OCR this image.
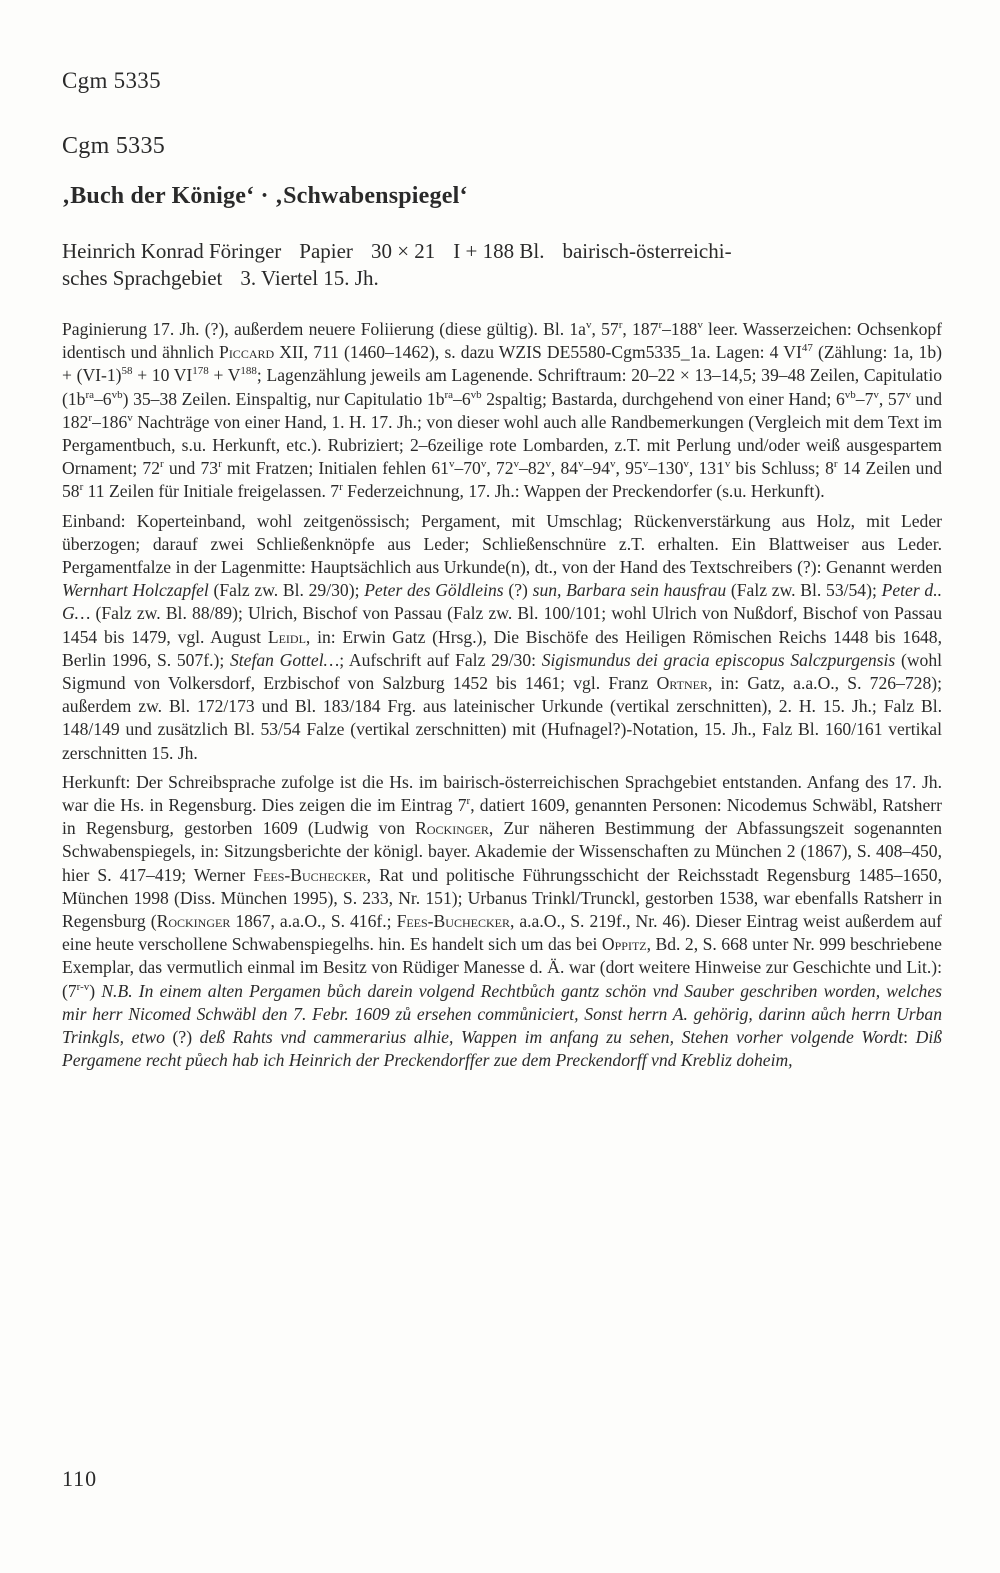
Cgm 5335
Cgm 5335
‚Buch der Könige‘ · ‚Schwabenspiegel‘
Heinrich Konrad Föringer Papier 30 × 21 I + 188 Bl. bairisch-österreichi-
sches Sprachgebiet 3. Viertel 15. Jh.

Paginierung 17. Jh. (?), außerdem neuere Foliierung (diese gültig). Bl. $1a^v$, 57$^r$, 187$^r$–188$^v$ leer. Wasserzeichen: Ochsenkopf identisch und ähnlich Piccard XII, 711 (1460–1462), s. dazu WZIS DE5580-Cgm5335_1a. Lagen: 4 VI$^{47}$ (Zählung: 1a, $1b) + (VI-1)^{58} + 10$ $VI^{178} + V^{188}$; Lagenzählung jeweils am Lagenende. Schriftraum: 20–22 × 13–14,5; 39–48 Zeilen, Capitulatio $(1b^{ra}-6^{vb})$ 35–38 Zeilen. Einspaltig, nur Capitulatio $1b^{ra}-6^{vb}$ 2spaltig; Bastarda, durchgehend von einer Hand; $6^{vb}-7^v$, 57$^v$ und 182$^r$–186$^v$ Nachträge von einer Hand, 1. H. 17. Jh.; von dieser wohl auch alle Randbemerkungen (Vergleich mit dem Text im Pergamentbuch, s.u. Herkunft, etc.). Rubriziert; 2–6zeilige rote Lombarden, z.T. mit Perlung und/oder weiß ausgespartem Ornament; 72$^r$ und 73$^r$ mit Fratzen; Initialen fehlen 61$^v$–70$^v$, 72$^v$–82$^v$, 84$^v$–94$^v$, 95$^v$–130$^v$, 131$^v$ bis Schluss; 8$^r$ 14 Zeilen und 58$^r$ 11 Zeilen für Initiale freigelassen. 7$^r$ Federzeichnung, 17. Jh.: Wappen der Preckendorfer (s.u. Herkunft).

Einband: Koperteinband, wohl zeitgenössisch; Pergament, mit Umschlag; Rückenverstärkung aus Holz, mit Leder überzogen; darauf zwei Schließenknöpfe aus Leder; Schließenschnüre z.T. erhalten. Ein Blattweiser aus Leder. Pergamentfalze in der Lagenmitte: Hauptsächlich aus Urkunde(n), dt., von der Hand des Textschreibers (?): Genannt werden Wernhart Holczapfel (Falz zw. Bl. 29/30); Peter des Göldleins (?) sun, Barbara sein hausfrau (Falz zw. Bl. 53/54); Peter d.. G… (Falz zw. Bl. 88/89); Ulrich, Bischof von Passau (Falz zw. Bl. 100/101; wohl Ulrich von Nußdorf, Bischof von Passau 1454 bis 1479, vgl. August Leidl, in: Erwin Gatz (Hrsg.), Die Bischöfe des Heiligen Römischen Reichs 1448 bis 1648, Berlin 1996, S. 507f.); Stefan Gottel…; Aufschrift auf Falz 29/30: Sigismundus dei gracia episcopus Salczpurgensis (wohl Sigmund von Volkersdorf, Erzbischof von Salzburg 1452 bis 1461; vgl. Franz Ortner, in: Gatz, a.a.O., S. 726–728); außerdem zw. Bl. 172/173 und Bl. 183/184 Frg. aus lateinischer Urkunde (vertikal zerschnitten), 2. H. 15. Jh.; Falz Bl. 148/149 und zusätzlich Bl. 53/54 Falze (vertikal zerschnitten) mit (Hufnagel?)-Notation, 15. Jh., Falz Bl. 160/161 vertikal zerschnitten 15. Jh.

Herkunft: Der Schreibsprache zufolge ist die Hs. im bairisch-österreichischen Sprachgebiet entstanden. Anfang des 17. Jh. war die Hs. in Regensburg. Dies zeigen die im Eintrag 7$^r$, datiert 1609, genannten Personen: Nicodemus Schwäbl, Ratsherr in Regensburg, gestorben 1609 (Ludwig von Rockinger, Zur näheren Bestimmung der Abfassungszeit sogenannten Schwabenspiegels, in: Sitzungsberichte der königl. bayer. Akademie der Wissenschaften zu München 2 (1867), S. 408–450, hier S. 417–419; Werner Fees-Buchecker, Rat und politische Führungsschicht der Reichsstadt Regensburg 1485–1650, München 1998 (Diss. München 1995), S. 233, Nr. 151); Urbanus Trinkl/Trunckl, gestorben 1538, war ebenfalls Ratsherr in Regensburg (Rockinger 1867, a.a.O., S. 416f.; Fees-Buchecker, a.a.O., S. 219f., Nr. 46). Dieser Eintrag weist außerdem auf eine heute verschollene Schwabenspiegelhs. hin. Es handelt sich um das bei Oppitz, Bd. 2, S. 668 unter Nr. 999 beschriebene Exemplar, das vermutlich einmal im Besitz von Rüdiger Manesse d. Ä. war (dort weitere Hinweise zur Geschichte und Lit.): (7$^{r-v}$) N.B. In einem alten Pergamen bůch darein volgend Rechtbůch gantz schön vnd Sauber geschriben worden, welches mir herr Nicomed Schwäbl den 7. Febr. 1609 zů ersehen commůniciert, Sonst herrn A. gehörig, darinn aůch herrn Urban Trinkgls, etwo (?) deß Rahts vnd cammerarius alhie, Wappen im anfang zu sehen, Stehen vorher volgende Wordt: Diß Pergamene recht půech hab ich Heinrich der Preckendorffer zue dem Preckendorff vnd Krebliz doheim,

110
